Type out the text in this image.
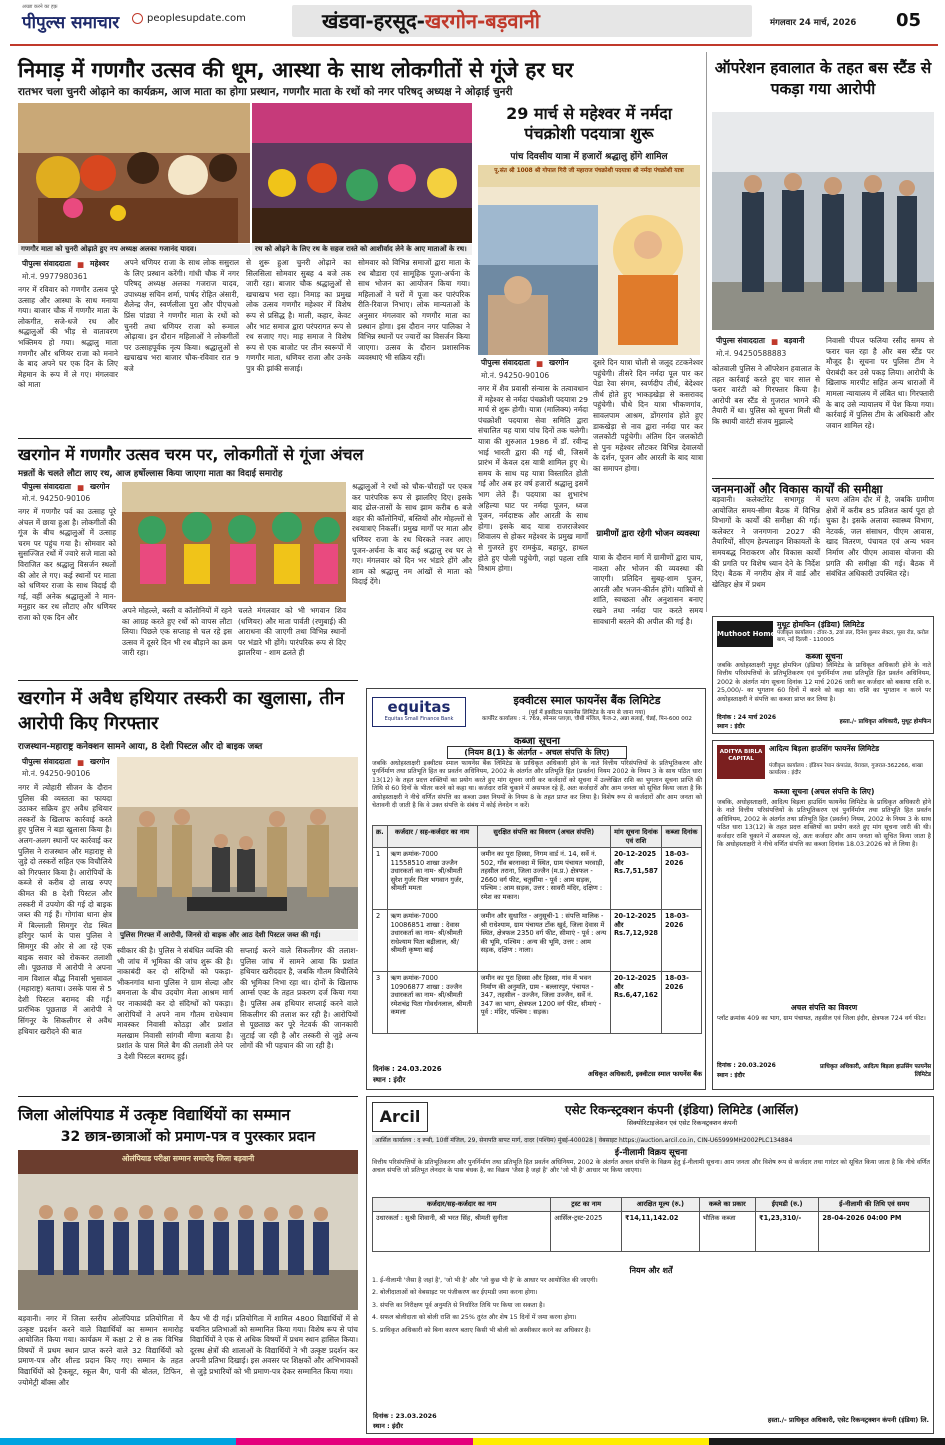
पीपुल्स समाचार
अच्छा करने का हक़
peoplesupdate.com	खंडवा-हरसूद-खरगोन-बड़वानी	मंगलवार 24 मार्च, 2026 05
निमाड़ में गणगौर उत्सव की धूम, आस्था के साथ लोकगीतों से गूंजे हर घर
रातभर चला चुनरी ओढ़ाने का कार्यक्रम, आज माता का होगा प्रस्थान, गणगौर माता के रथों को नगर परिषद् अध्यक्ष ने ओढ़ाई चुनरी
गणगौर माता को चुनरी ओढ़ाते हुए नप अध्यक्ष अलका गजानंद यादव।	रथ को ओढ़ने के लिए रथ के सहज रास्ते को आशीर्वाद लेने के आए माताओं के रथ।
पीपुल्स संवाददाता ■ महेश्वर
मो.नं. 9977980361
नगर में रविवार को गणगौर उत्सव पूरे उत्साह और आस्था के साथ मनाया गया। बाजार चौक में गणगौर माता के लोकगीत, सजे-धजे रथ और श्रद्धालुओं की भीड़ से वातावरण भक्तिमय हो गया। श्रद्धालु माता गणगौर और धणियर राजा को मनाने के बाद अपने घर एक दिन के लिए मेहमान के रूप में ले गए। मंगलवार को माता
अपने धणियर राजा के साथ लोक ससुराल के लिए प्रस्थान करेंगी। गांधी चौक में नगर परिषद् अध्यक्ष अलका गजराज यादव, उपाध्यक्ष सचिन शर्मा, पार्षद रोहित अंसारी, शैलेन्द्र जैन, स्वर्णलीला पुरा और पीएचओ प्रिंस पांड्या ने गणगौर माता के रथों को चुनरी तथा धणियर राजा को रूमाल ओढ़ाया। इन दौरान महिलाओं ने लोकगीतों पर उत्साहपूर्वक नृत्य किया। श्रद्धालुओं से खचाखच भरा बाजार चौक-रविवार रात 9 बजे
से शुरू हुआ चुनरी ओढ़ाने का सिलसिला सोमवार सुबह 4 बजे तक जारी रहा। बाजार चौक श्रद्धालुओं से खचाखच भरा रहा। निमाड़ का प्रमुख लोक उत्सव गणगौर महेश्वर में विशेष रूप से प्रसिद्ध है। माली, कहार, केवट और भाट समाज द्वारा परंपरागत रूप से रथ सजाए गए। माह समाज ने विशेष रूप से एक बाजोट पर तीन स्वरूपों में गणगौर माता, धणियर राजा और उनके पुत्र की झांकी सजाई।
सोमवार को विभिन्न समाजों द्वारा माता के रथ बौडारा एवं सामूहिक पूजा-अर्चना के साथ भोजन का आयोजन किया गया। महिलाओं ने घरों में पूजा कर पारंपरिक रीति-रिवाज निभाए। लोक मान्यताओं के अनुसार मंगलवार को गणगौर माता का प्रस्थान होगा। इस दौरान नगर पालिका ने विभिन्न स्थानों पर ज्यारों का विसर्जन किया जाएगा। उत्सव के दौरान प्रशासनिक व्यवस्थाएं भी सक्रिय रहीं।
29 मार्च से महेश्वर में नर्मदा पंचक्रोशी पदयात्रा शुरू
पांच दिवसीय यात्रा में हजारों श्रद्धालु होंगे शामिल
पू.संत श्री 1008 श्री गोपाल गिरी जी महाराज पंचक्रोशी पदयात्रा श्री नर्मदा पंचक्रोशी यात्रा
पीपुल्स संवाददाता ■ खरगोन
मो.नं. 94250-90106
नगर में शैव प्रवासी संन्यास के तत्वावधान में महेश्वर से नर्मदा पंचक्रोशी पदयात्रा 29 मार्च से शुरू होगी। यात्रा (मालिक्य) नर्मदा पंचक्रोशी पदयात्रा सेवा समिति द्वारा संचालित यह यात्रा पांच दिनों तक चलेगी। यात्रा की शुरुआत 1986 में डॉ. रवीन्द्र भाई भारती द्वारा की गई थी, जिसमें प्रारंभ में केवल दस यात्री शामिल हुए थे। समय के साथ यह यात्रा विस्तारित होती गई और अब हर वर्ष हजारों श्रद्धालु इसमें भाग लेते हैं। पदयात्रा का शुभारंभ अहिल्या घाट पर नर्मदा पूजन, ध्वज पूजन, नर्मदाष्टक और आरती के साथ होगा। इसके बाद यात्रा राजराजेश्वर शिवालय से होकर महेश्वर के प्रमुख मार्गों से गुजरते हुए रामकुंड, बहादुर, हाथल होते हुए पोली पहुंचेगी, जहां पहला रात्रि विश्राम होगा।
दूसरे दिन यात्रा चोली से जलूद टटकनेश्वर पहुंचेगी। तीसरे दिन नर्मदा पूल पार कर पेडा रेवा संगम, स्वर्णदीप तीर्थ, बेदेश्वर तीर्थ होते हुए भाकड़खेड़ा से कसरावद पहुंचेगी। चौथे दिन यात्रा भीकणगांव, सावलपाम आश्रम, डोंगरगांव होते हुए डाकखेड़ा से नाव द्वारा नर्मदा पार कर जलकोटी पहुंचेगी। अंतिम दिन जलकोटी से पुनः महेश्वर लौटकर विभिन्न देवालयों के दर्शन, पूजन और आरती के बाद यात्रा का समापन होगा।
ग्रामीणों द्वारा रहेगी भोजन व्यवस्था
यात्रा के दौरान मार्ग में ग्रामीणों द्वारा चाय, नाश्ता और भोजन की व्यवस्था की जाएगी। प्रतिदिन सुबह-शाम पूजन, आरती और भजन-कीर्तन होंगे। यात्रियों से शांति, स्वच्छता और अनुशासन बनाए रखने तथा नर्मदा पार करते समय सावधानी बरतने की अपील की गई है।
ऑपरेशन हवालात के तहत बस स्टैंड से पकड़ा गया आरोपी
पीपुल्स संवाददाता ■ बड़वानी
मो.नं. 94250588883
कोतवाली पुलिस ने ऑपरेशन हवालात के तहत कार्रवाई करते हुए चार साल से फरार वारंटी को गिरफ्तार किया है। आरोपी बस स्टैंड से गुजरात भागने की तैयारी में था। पुलिस को सूचना मिली थी कि स्थायी वारंटी संजय मुझाल्दे
निवासी पीपल फलिया रसीद समय से फरार चल रहा है और बस स्टैंड पर मौजूद है। सूचना पर पुलिस टीम ने घेराबंदी कर उसे पकड़ लिया। आरोपी के खिलाफ मारपीट सहित अन्य धाराओं में मामला न्यायालय में लंबित था। गिरफ्तारी के बाद उसे न्यायालय में पेश किया गया। कार्रवाई में पुलिस टीम के अधिकारी और जवान शामिल रहे।
जनमनाओं और विकास कार्यों की समीक्षा
बड़वानी। कलेक्टोरेट सभागृह में आयोजित समय-सीमा बैठक में विभिन्न विभागों के कार्यों की समीक्षा की गई। कलेक्टर ने जनगणना 2027 की तैयारियों, सीएम हेल्पलाइन शिकायतों के समयबद्ध निराकरण और विकास कार्यों की प्रगति पर विशेष ध्यान देने के निर्देश दिए। बैठक में नगरीय क्षेत्र में वार्ड और खेतिहर क्षेत्र में प्रथम
चरण अंतिम दौर में है, जबकि ग्रामीण क्षेत्रों में करीब 85 प्रतिशत कार्य पूरा हो चुका है। इसके अलावा स्वास्थ्य विभाग, नेटवर्क, जल संसाधन, पीएम आवास, खाद वितरण, पंचायत एवं अन्य भवन निर्माण और पीएम आवास योजना की प्रगति की समीक्षा की गई। बैठक में संबंधित अधिकारी उपस्थित रहे।
खरगोन में गणगौर उत्सव चरम पर, लोकगीतों से गूंजा अंचल
मन्नतों के चलते लौटा लाए रथ, आज हर्षोल्लास किया जाएगा माता का विदाई समारोह
पीपुल्स संवाददाता ■ खरगोन
मो.नं. 94250-90106
नगर में गणगौर पर्व का उत्साह पूरे अंचल में छाया हुआ है। लोकगीतों की गूंज के बीच श्रद्धालुओं में उत्साह चरम पर पहुंच गया है। सोमवार को सुसज्जित रथों में ज्वारे सजे माता को विराजित कर श्रद्धालु विसर्जन स्थलों की ओर ले गए। कई स्थानों पर माता को धणियर राजा के साथ विदाई दी गई, वहीं अनेक श्रद्धालुओं ने मान-मनुहार कर रथ लौटाए और धणियर राजा को एक दिन और
अपने मोहल्ले, बस्ती व कॉलोनियों में रहने का आग्रह करते हुए रथों को वापस लौटा लिया। पिछले एक सप्ताह से चल रहे इस उत्सव में दूसरे दिन भी रथ बौड़ाने का क्रम जारी रहा।
चलते मंगलवार को भी भगवान शिव (धणियर) और माता पार्वती (रणुबाई) की आराधना की जाएगी तथा विभिन्न स्थानों पर भंडारे भी होंगे। पारंपरिक रूप से दिए झालरिया - शाम ढलते ही
श्रद्धालुओं ने रथों को चौक-चौराहों पर एकत्र कर पारंपरिक रूप से झालरिए दिए। इसके बाद ढोल-तासों के साथ झाम करीब 6 बजे शहर की कॉलोनियों, बस्तियों और मोहल्लों से रथयात्राएं निकलीं। प्रमुख मार्गों पर माता और धणियर राजा के रथ थिरकते नजर आए। पूजन-अर्चना के बाद कई श्रद्धालु रथ घर ले गए। मंगलवार को दिन भर भंडारे होंगे और शाम को श्रद्धालु नम आंखों से माता को विदाई देंगे।
खरगोन में अवैध हथियार तस्करी का खुलासा, तीन आरोपी किए गिरफ्तार
राजस्थान-महाराष्ट्र कनेक्शन सामने आया, 8 देशी पिस्टल और दो बाइक जब्त
पीपुल्स संवाददाता ■ खरगोन
मो.नं. 94250-90106
नगर में त्योहारी सीजन के दौरान पुलिस की व्यस्तता का फायदा उठाकर सक्रिय हुए अवैध हथियार तस्करों के खिलाफ कार्रवाई करते हुए पुलिस ने बड़ा खुलासा किया है। अलग-अलग स्थानों पर कार्रवाई कर पुलिस ने राजस्थान और महाराष्ट्र से जुड़े दो तस्करों सहित एक विचौलिये को गिरफ्तार किया है। आरोपियों के कब्जे से करीब दो लाख रुपए कीमत की 8 देशी पिस्टल और तस्करी में उपयोग की गई दो बाइक जब्त की गई हैं। गोगांवा थाना क्षेत्र में बिल्लाली सिमगुर रोड स्थित हरिगुर फार्म के पास पुलिस ने सिमगुर की ओर से आ रहे एक बाइक सवार को रोककर तलाशी ली। पूछताछ में आरोपी ने अपना नाम विशाल बौद्ध निवासी भुसावल (महाराष्ट्र) बताया। उसके पास से 5 देशी पिस्टल बरामद की गईं। प्रारंभिक पूछताछ में आरोपी ने सिंगनूर के सिकलीगर से अवैध हथियार खरीदने की बात
पुलिस गिरफ्त में आरोपी, जिनसे दो बाइक और आठ देशी पिस्टल जब्त की गई।
स्वीकार की है। पुलिस ने संबंधित व्यक्ति की भी जांच में भूमिका की जांच शुरू की है। नाकाबंदी कर दो संदिग्धों को पकड़ा-भीकनगांव थाना पुलिस ने ग्राम सेल्दा और बमनाला के बीच उदयोग मेला आश्रम मार्ग पर नाकाबंदी कर दो संदिग्धों को पकड़ा। आरोपियों ने अपने नाम गौतम राधेश्याम मावस्कर निवासी कोठड़ा और प्रशांत मलखाम निवासी सांगवी मीणा बताया है। प्रशांत के पास मिले बैग की तलाशी लेने पर 3 देशी पिस्टल बरामद हुईं।
सप्लाई करने वाले सिकलीगर की तलाश-पुलिस जांच में सामने आया कि प्रशांत हथियार खरीददार है, जबकि गौतम बिचौलिये की भूमिका निभा रहा था। दोनों के खिलाफ आर्म्स एक्ट के तहत प्रकरण दर्ज किया गया है। पुलिस अब हथियार सप्लाई करने वाले सिकलीगर की तलाश कर रही है। आरोपियों से पूछताछ कर पूरे नेटवर्क की जानकारी जुटाई जा रही है और तस्करी से जुड़े अन्य लोगों की भी पहचान की जा रही है।
जिला ओलंपियाड में उत्कृष्ट विद्यार्थियों का सम्मान
32 छात्र-छात्राओं को प्रमाण-पत्र व पुरस्कार प्रदान
ओलंपियाड परीक्षा सम्मान समारोह जिला बड़वानी
बड़वानी। नगर में जिला स्तरीय ओलंपियाड प्रतियोगिता में उत्कृष्ट प्रदर्शन करने वाले विद्यार्थियों का सम्मान समारोह आयोजित किया गया। कार्यक्रम में कक्षा 2 से 8 तक विभिन्न विषयों में प्रथम स्थान प्राप्त करने वाले 32 विद्यार्थियों को प्रमाण-पत्र और शील्ड प्रदान किए गए। सम्मान के तहत विद्यार्थियों को ट्रैकसूट, स्कूल बैग, पानी की बोतल, टिफिन, ज्योमेट्री बॉक्स और
कैप भी दी गई। प्रतियोगिता में शामिल 4800 विद्यार्थियों में से चयनित प्रतिभाओं को सम्मानित किया गया। विशेष रूप से पांच विद्यार्थियों ने एक से अधिक विषयों में प्रथम स्थान हासिल किया। दूरस्थ क्षेत्रों की शालाओं के विद्यार्थियों ने भी उत्कृष्ट प्रदर्शन कर अपनी प्रतिभा दिखाई। इस अवसर पर शिक्षकों और अभिभावकों से जुड़े प्रभारियों को भी प्रमाण-पत्र देकर सम्मानित किया गया।
equitas
Equitas Small Finance Bank
इक्वीटस स्माल फायनेंस बैंक लिमिटेड
(पूर्व में इक्वीटस फायनेंस लिमिटेड के नाम से जाना गया)
कार्पोरेट कार्यालय : नं. 769, स्पेन्सर प्लाज़ा, चौथी मंजिल, फेज-2, अन्ना सलाई, चेन्नई, पिन-600 002
कब्जा सूचना
(नियम 8(1) के अंतर्गत - अचल संपत्ति के लिए)
जबकि अधोहस्ताक्षरी इक्वीटस स्माल फायनेंस बैंक लिमिटेड के प्राधिकृत अधिकारी होने के नाते वित्तीय परिसंपत्तियों के प्रतिभूतिकरण और पुनर्निर्माण तथा प्रतिभूति हित का प्रवर्तन अधिनियम, 2002 के अंतर्गत और प्रतिभूति हित (प्रवर्तन) नियम 2002 के नियम 3 के साथ पठित धारा 13(12) के तहत प्रदत्त शक्तियों का प्रयोग करते हुए मांग सूचना जारी कर कर्जदारों को सूचना में उल्लेखित राशि का भुगतान सूचना प्राप्ति की तिथि से 60 दिनों के भीतर करने को कहा था। कर्जदार राशि चुकाने में असफल रहे हैं, अतः कर्जदारों और आम जनता को सूचित किया जाता है कि अधोहस्ताक्षरी ने नीचे वर्णित संपत्ति का कब्जा उक्त नियमों के नियम 8 के तहत प्राप्त कर लिया है। विशेष रूप से कर्जदारों और आम जनता को चेतावनी दी जाती है कि वे उक्त संपत्ति के संबंध में कोई लेनदेन न करें।
क्र.	कर्जदार / सह-कर्जदार का नाम	सुरक्षित संपत्ति का विवरण (अचल संपत्ति)	मांग सूचना दिनांक एवं राशि	कब्जा दिनांक
1	ऋण क्रमांक-7000 11558510 शाखा उज्जैन उधारकर्ता का नाम- श्री/श्रीमती सुरेश गुर्जर पिता भगवान गुर्जर, श्रीमती ममता	जमीन का पूरा हिस्सा, निगम वार्ड नं. 14, सर्वे नं. 502, गाँव बरनावदा में स्थित, ग्राम पंचायत भरवाड़ी, तहसील तराना, जिला उज्जैन (म.प्र.) क्षेत्रफल - 2660 वर्ग फीट, चतुर्सीमा - पूर्व : आम सड़क, पश्चिम : आम सड़क, उत्तर : सावरी मंदिर, दक्षिण : रमेश का मकान।	20-12-2025 और Rs.7,51,587	18-03-2026
2	ऋण क्रमांक-7000 10086851 शाखा : देवास उधारकर्ता का नाम- श्री/श्रीमती राधेश्याम पिता बद्रीलाल, श्री/श्रीमती कृष्णा बाई	जमीन और सुधारित - अनुसूची-1 : संपत्ति मालिक - श्री राधेश्याम, ग्राम पंचायत टोंक खुर्द, जिला देवास में स्थित, क्षेत्रफल 2350 वर्ग फीट, सीमाएं - पूर्व : अन्य की भूमि, पश्चिम : अन्य की भूमि, उत्तर : आम सड़क, दक्षिण : नाला।	20-12-2025 और Rs.7,12,928	18-03-2026
3	ऋण क्रमांक-7000 10906877 शाखा : उज्जैन उधारकर्ता का नाम- श्री/श्रीमती रमेशचंद्र पिता गोवर्धनलाल, श्रीमती कमला	जमीन का पूरा हिस्सा और हिस्सा, गांव में भवन निर्माण की अनुमति, ग्राम - बल्लारपुर, पंचायत - 347, तहसील - उज्जैन, जिला उज्जैन, सर्वे नं. 347 का भाग, क्षेत्रफल 1200 वर्ग फीट, सीमाएं - पूर्व : मंदिर, पश्चिम : सड़क।	20-12-2025 और Rs.6,47,162	18-03-2026
दिनांक : 24.03.2026
स्थान : इंदौर
अधिकृत अधिकारी, इक्वीटस स्माल फायनेंस बैंक
Muthoot Homefin
मुथूट होमफिन (इंडिया) लिमिटेड
पंजीकृत कार्यालय : टॉवर-3, 2वां तल, दिनेश कुमार सेक्टर, पूसा रोड, करोल बाग, नई दिल्ली - 110005
कब्जा सूचना
जबकि अधोहस्ताक्षरी मुथूट होमफिन (इंडिया) लिमिटेड के प्राधिकृत अधिकारी होने के नाते वित्तीय परिसंपत्तियों के प्रतिभूतिकरण एवं पुनर्निर्माण तथा प्रतिभूति हित प्रवर्तन अधिनियम, 2002 के अंतर्गत मांग सूचना दिनांक 12 मार्च 2026 जारी कर कर्जदार को बकाया राशि रु. 25,000/- का भुगतान 60 दिनों में करने को कहा था। राशि का भुगतान न करने पर अधोहस्ताक्षरी ने संपत्ति का कब्जा प्राप्त कर लिया है।
दिनांक : 24 मार्च 2026
स्थान : इंदौर
हस्ता./- प्राधिकृत अधिकारी, मुथूट होमफिन
ADITYA BIRLA CAPITAL
आदित्य बिड़ला हाउसिंग फायनेंस लिमिटेड
पंजीकृत कार्यालय : इंडियन रेयान कंपाउंड, वेरावल, गुजरात-362266, शाखा कार्यालय : इंदौर
कब्जा सूचना (अचल संपत्ति के लिए)
जबकि, अधोहस्ताक्षरी, आदित्य बिड़ला हाउसिंग फायनेंस लिमिटेड के प्राधिकृत अधिकारी होने के नाते वित्तीय परिसंपत्तियों के प्रतिभूतिकरण एवं पुनर्निर्माण तथा प्रतिभूति हित प्रवर्तन अधिनियम, 2002 के अंतर्गत तथा प्रतिभूति हित (प्रवर्तन) नियम, 2002 के नियम 3 के साथ पठित धारा 13(12) के तहत प्रदत्त शक्तियों का प्रयोग करते हुए मांग सूचना जारी की थी। कर्जदार राशि चुकाने में असफल रहे, अतः कर्जदार और आम जनता को सूचित किया जाता है कि अधोहस्ताक्षरी ने नीचे वर्णित संपत्ति का कब्जा दिनांक 18.03.2026 को ले लिया है।
अचल संपत्ति का विवरण
प्लॉट क्रमांक 409 का भाग, ग्राम पंचायत, तहसील एवं जिला इंदौर, क्षेत्रफल 724 वर्ग फीट।
दिनांक : 20.03.2026
स्थान : इंदौर
प्राधिकृत अधिकारी, आदित्य बिड़ला हाउसिंग फायनेंस लिमिटेड
Arcil	एसेट रिकन्स्ट्रक्शन कंपनी (इंडिया) लिमिटेड (आर्सिल)
सिक्योरिटाइजेशन एवं एसेट रिकन्स्ट्रक्शन कंपनी
आर्सिल कार्यालय : द रूबी, 10वीं मंजिल, 29, सेनापति बापट मार्ग, दादर (पश्चिम) मुंबई-400028 | वेबसाइट https://auction.arcil.co.in, CIN-U65999MH2002PLC134884
ई-नीलामी विक्रय सूचना
वित्तीय परिसंपत्तियों के प्रतिभूतिकरण और पुनर्निर्माण तथा प्रतिभूति हित प्रवर्तन अधिनियम, 2002 के अंतर्गत अचल संपत्ति के विक्रय हेतु ई-नीलामी सूचना। आम जनता और विशेष रूप से कर्जदार तथा गारंटर को सूचित किया जाता है कि नीचे वर्णित अचल संपत्ति जो प्रतिभूत लेनदार के पास बंधक है, का विक्रय 'जैसा है जहां है' और 'जो भी है' आधार पर किया जाएगा।
कर्जदार/सह-कर्जदार का नाम	ट्रस्ट का नाम	आरक्षित मूल्य (रु.)	कब्जे का प्रकार	ईएमडी (रु.)	ई-नीलामी की तिथि एवं समय
उधारकर्ता : सुश्री शिवानी, श्री भरत सिंह, श्रीमती सुनीता	आर्सिल-ट्रस्ट-2025	₹14,11,142.02	भौतिक कब्जा	₹1,23,310/-	28-04-2026 04:00 PM
नियम और शर्तें
1. ई-नीलामी 'जैसा है जहां है', 'जो भी है' और 'जो कुछ भी है' के आधार पर आयोजित की जाएगी।
2. बोलीदाताओं को वेबसाइट पर पंजीकरण कर ईएमडी जमा करना होगा।
3. संपत्ति का निरीक्षण पूर्व अनुमति से निर्धारित तिथि पर किया जा सकता है।
4. सफल बोलीदाता को बोली राशि का 25% तुरंत और शेष 15 दिनों में जमा करना होगा।
5. प्राधिकृत अधिकारी को बिना कारण बताए किसी भी बोली को अस्वीकार करने का अधिकार है।
दिनांक : 23.03.2026
स्थान : इंदौर
हस्ता./- प्राधिकृत अधिकारी, एसेट रिकन्स्ट्रक्शन कंपनी (इंडिया) लि.
